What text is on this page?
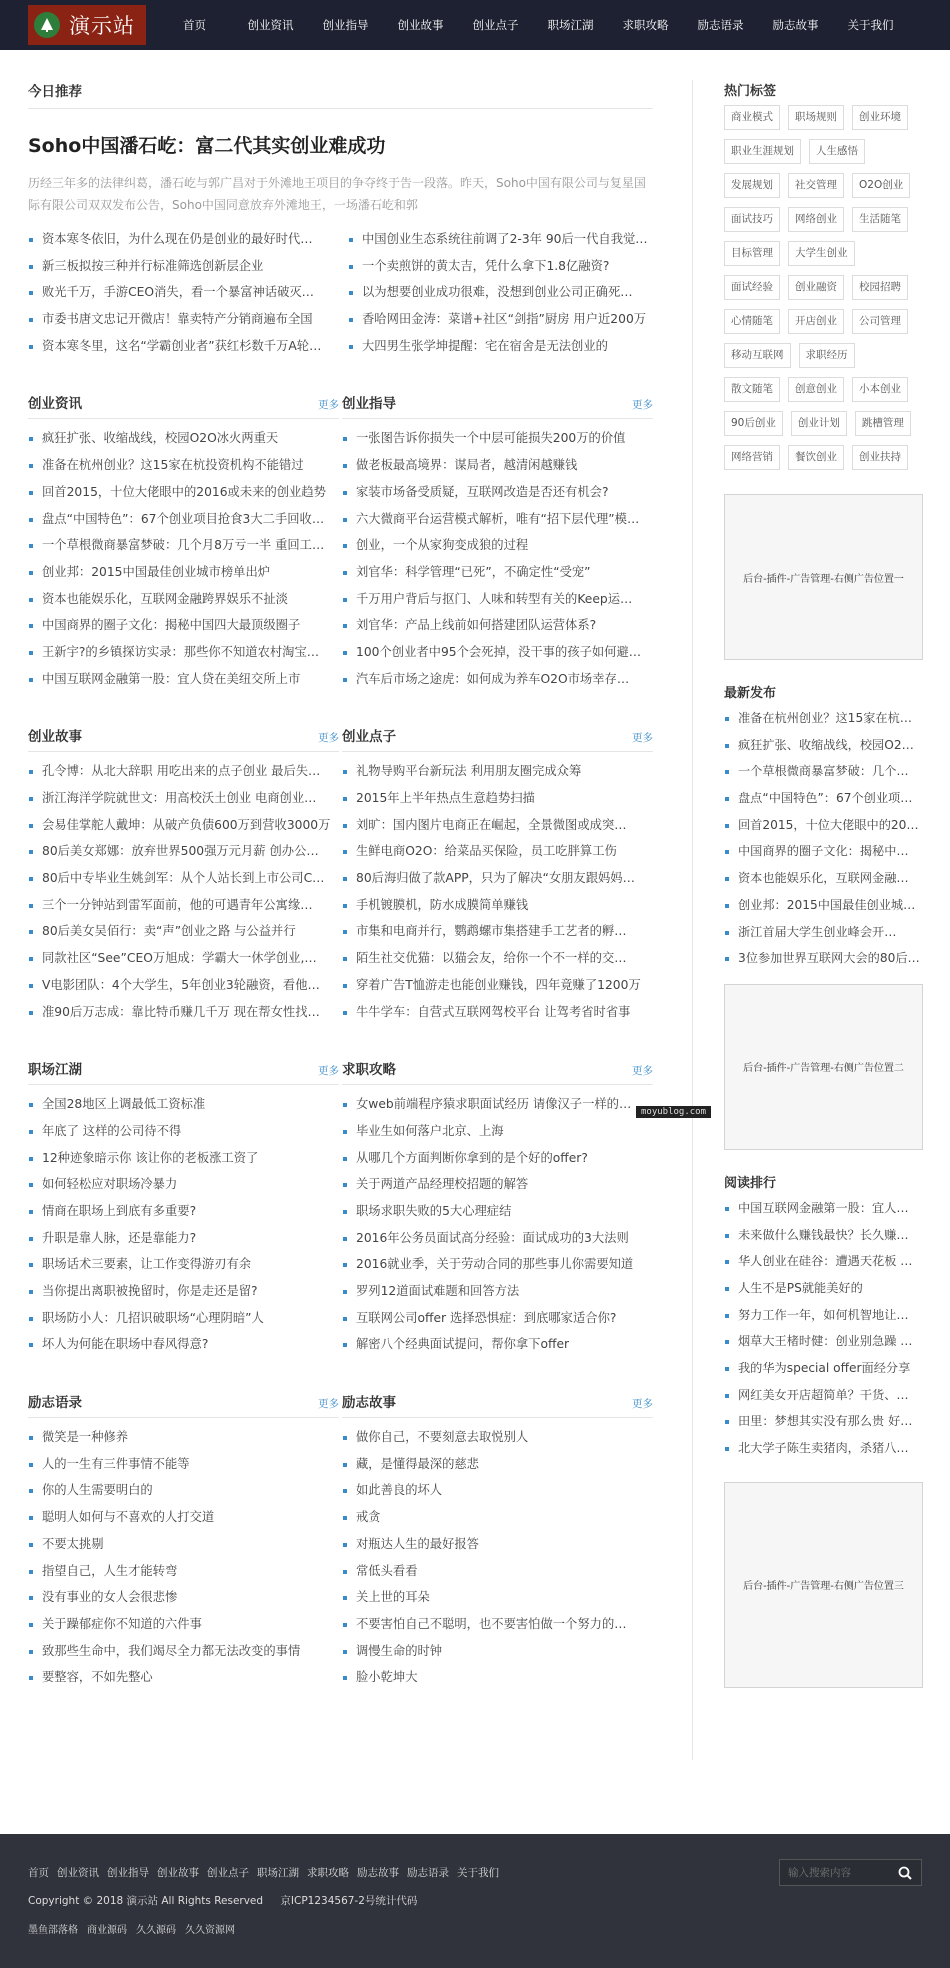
演示站	首页	创业资讯	创业指导	创业故事	创业点子	职场江湖	求职攻略	励志语录	励志故事	关于我们
今日推荐
Soho中国潘石屹：富二代其实创业难成功
历经三年多的法律纠葛，潘石屹与郭广昌对于外滩地王项目的争夺终于告一段落。昨天，Soho中国有限公司与复星国际有限公司双双发布公告，Soho中国同意放弃外滩地王，一场潘石屹和郭
资本寒冬依旧，为什么现在仍是创业的最好时代…
新三板拟按三种并行标准筛选创新层企业
败光千万，手游CEO消失，看一个暴富神话破灭…
市委书唐文忠记开微店！靠卖特产分销商遍布全国
资本寒冬里，这名“学霸创业者”获红杉数千万A轮…
中国创业生态系统往前调了2-3年 90后一代自我觉…
一个卖煎饼的黄太吉，凭什么拿下1.8亿融资?
以为想要创业成功很难，没想到创业公司正确死…
香哈网田金涛：菜谱+社区“剑指”厨房 用户近200万
大四男生张学坤提醒：宅在宿舍是无法创业的
创业资讯	更多
疯狂扩张、收缩战线，校园O2O冰火两重天
准备在杭州创业？这15家在杭投资机构不能错过
回首2015，十位大佬眼中的2016或未来的创业趋势
盘点“中国特色”：67个创业项目抢食3大二手回收…
一个草根微商暴富梦破：几个月8万亏一半 重回工…
创业邦：2015中国最佳创业城市榜单出炉
资本也能娱乐化，互联网金融跨界娱乐不扯淡
中国商界的圈子文化：揭秘中国四大最顶级圈子
王新宇?的乡镇探访实录：那些你不知道农村淘宝…
中国互联网金融第一股：宜人贷在美纽交所上市
创业指导	更多
一张图告诉你损失一个中层可能损失200万的价值
做老板最高境界：谋局者，越清闲越赚钱
家装市场备受质疑，互联网改造是否还有机会?
六大微商平台运营模式解析，唯有“招下层代理”模…
创业，一个从家狗变成狼的过程
刘官华：科学管理“已死”，不确定性“受宠”
千万用户背后与抠门、人味和转型有关的Keep运…
刘官华：产品上线前如何搭建团队运营体系?
100个创业者中95个会死掉，没干事的孩子如何避…
汽车后市场之途虎：如何成为养车O2O市场幸存…
创业故事	更多
孔令博：从北大辞职 用吃出来的点子创业 最后失…
浙江海洋学院就世文：用高校沃土创业 电商创业…
会易佳掌舵人戴坤：从破产负债600万到营收3000万
80后美女郑娜：放弃世界500强万元月薪 创办公…
80后中专毕业生姚剑军：从个人站长到上市公司C…
三个一分钟站到雷军面前，他的可遇青年公寓缘…
80后美女吴佰行：卖“声”创业之路 与公益并行
同款社区“See”CEO万旭成：学霸大一休学创业,…
V电影团队：4个大学生，5年创业3轮融资，看他…
准90后万志成：靠比特币赚几千万 现在帮女性找…
创业点子	更多
礼物导购平台新玩法 利用朋友圈完成众筹
2015年上半年热点生意趋势扫描
刘旷：国内图片电商正在崛起，全景微图或成突…
生鲜电商O2O：给菜品买保险，员工吃胖算工伤
80后海归做了款APP，只为了解决“女朋友跟妈妈…
手机镀膜机，防水成膜简单赚钱
市集和电商并行，鹦鹉螺市集搭建手工艺者的孵…
陌生社交优猫：以猫会友，给你一个不一样的交…
穿着广告T恤游走也能创业赚钱，四年竟赚了1200万
牛牛学车：自营式互联网驾校平台 让驾考省时省事
职场江湖	更多
全国28地区上调最低工资标准
年底了 这样的公司待不得
12种迹象暗示你 该让你的老板涨工资了
如何轻松应对职场冷暴力
情商在职场上到底有多重要?
升职是靠人脉，还是靠能力?
职场话术三要素，让工作变得游刃有余
当你提出离职被挽留时，你是走还是留?
职场防小人：几招识破职场“心理阴暗”人
坏人为何能在职场中春风得意?
求职攻略	更多
女web前端程序猿求职面试经历 请像汉子一样的…
毕业生如何落户北京、上海
从哪几个方面判断你拿到的是个好的offer?
关于两道产品经理校招题的解答
职场求职失败的5大心理症结
2016年公务员面试高分经验：面试成功的3大法则
2016就业季，关于劳动合同的那些事儿你需要知道
罗列12道面试难题和回答方法
互联网公司offer 选择恐惧症：到底哪家适合你?
解密八个经典面试提问，帮你拿下offer
励志语录	更多
微笑是一种修养
人的一生有三件事情不能等
你的人生需要明白的
聪明人如何与不喜欢的人打交道
不要太挑剔
指望自己，人生才能转弯
没有事业的女人会很悲惨
关于躁郁症你不知道的六件事
致那些生命中，我们竭尽全力都无法改变的事情
要整容，不如先整心
励志故事	更多
做你自己，不要刻意去取悦别人
藏，是懂得最深的慈悲
如此善良的坏人
戒贪
对瓶达人生的最好报答
常低头看看
关上世的耳朵
不要害怕自己不聪明，也不要害怕做一个努力的…
调慢生命的时钟
脸小乾坤大
热门标签
商业模式	职场规则	创业环境
职业生涯规划	人生感悟
发展规划	社交管理	O2O创业
面试技巧	网络创业	生活随笔
目标管理	大学生创业
面试经验	创业融资	校园招聘
心情随笔	开店创业	公司管理
移动互联网	求职经历
散文随笔	创意创业	小本创业
90后创业	创业计划	跳槽管理
网络营销	餐饮创业	创业扶持
后台-插件-广告管理-右侧广告位置一
最新发布
准备在杭州创业？这15家在杭…
疯狂扩张、收缩战线，校园O2…
一个草根微商暴富梦破：几个…
盘点“中国特色”：67个创业项…
回首2015，十位大佬眼中的20…
中国商界的圈子文化：揭秘中…
资本也能娱乐化，互联网金融…
创业邦：2015中国最佳创业城…
浙江首届大学生创业峰会开…
3位参加世界互联网大会的80后…
后台-插件-广告管理-右侧广告位置二
阅读排行
中国互联网金融第一股：宜人…
未来做什么赚钱最快？长久赚…
华人创业在硅谷：遭遇天花板 …
人生不是PS就能美好的
努力工作一年，如何机智地让…
烟草大王楮时健：创业别急躁 …
我的华为special offer面经分享
网红美女开店超简单？干货、…
田里：梦想其实没有那么贵 好…
北大学子陈生卖猪肉，杀猪八…
后台-插件-广告管理-右侧广告位置三
moyublog.com
首页 创业资讯 创业指导 创业故事 创业点子 职场江湖 求职攻略 励志故事 励志语录 关于我们
Copyright © 2018 演示站 All Rights Reserved 京ICP1234567-2号统计代码
墨鱼部落格 商业源码 久久源码 久久资源网
输入搜索内容
